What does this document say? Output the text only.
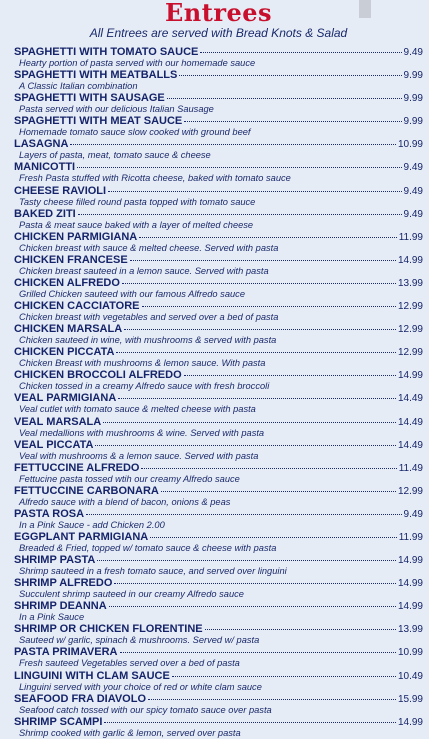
Entrees

All Entrees are served with Bread Knots & Salad

SPAGHETTI WITH TOMATO SAUCE	9.49

Hearty portion of pasta served with our homemade sauce

SPAGHETTI WITH MEATBALLS	9.99

A Classic Italian combination

SPAGHETTI WITH SAUSAGE	9.99

Pasta served with our delicious Italian Sausage

SPAGHETTI WITH MEAT SAUCE	9.99

Homemade tomato sauce slow cooked with ground beef

LASAGNA	10.99

Layers of pasta, meat, tomato sauce & cheese

MANICOTTI	9.49

Fresh Pasta stuffed with Ricotta cheese, baked with tomato sauce

CHEESE RAVIOLI	9.49

Tasty cheese filled round pasta topped with tomato sauce

BAKED ZITI	9.49

Pasta & meat sauce baked with a layer of melted cheese

CHICKEN PARMIGIANA	11.99

Chicken breast with sauce & melted cheese. Served with pasta

CHICKEN FRANCESE	14.99

Chicken breast sauteed in a lemon sauce. Served with pasta

CHICKEN ALFREDO	13.99

Grilled Chicken sauteed with our famous Alfredo sauce

CHICKEN CACCIATORE	12.99

Chicken breast with vegetables and served over a bed of pasta

CHICKEN MARSALA	12.99

Chicken sauteed in wine, with mushrooms & served with pasta

CHICKEN PICCATA	12.99

Chicken Breast with mushrooms & lemon sauce. With pasta

CHICKEN BROCCOLI ALFREDO	14.99

Chicken tossed in a creamy Alfredo sauce with fresh broccoli

VEAL PARMIGIANA	14.49

Veal cutlet with tomato sauce & melted cheese with pasta

VEAL MARSALA	14.49

Veal medallions with mushrooms & wine. Served with pasta

VEAL PICCATA	14.49

Veal with mushrooms & a lemon sauce. Served with pasta

FETTUCCINE ALFREDO	11.49

Fettucine pasta tossed wtih our creamy Alfredo sauce

FETTUCCINE CARBONARA	12.99

Alfredo sauce with a blend of bacon, onions & peas

PASTA ROSA	9.49

In a Pink Sauce - add Chicken 2.00

EGGPLANT PARMIGIANA	11.99

Breaded & Fried, topped w/ tomato sauce & cheese with pasta

SHRIMP PASTA	14.99

Shrimp sauteed in a fresh tomato sauce, and served over linguini

SHRIMP ALFREDO	14.99

Succulent shrimp sauteed in our creamy Alfredo sauce

SHRIMP DEANNA	14.99

In a Pink Sauce

SHRIMP OR CHICKEN FLORENTINE	13.99

Sauteed w/ garlic, spinach & mushrooms. Served w/ pasta

PASTA PRIMAVERA	10.99

Fresh sauteed Vegetables served over a bed of pasta

LINGUINI WITH CLAM SAUCE	10.49

Linguini served with your choice of red or white clam sauce

SEAFOOD FRA DIAVOLO	15.99

Seafood catch tossed with our spicy tomato sauce over pasta

SHRIMP SCAMPI	14.99

Shrimp cooked with garlic & lemon, served over pasta
